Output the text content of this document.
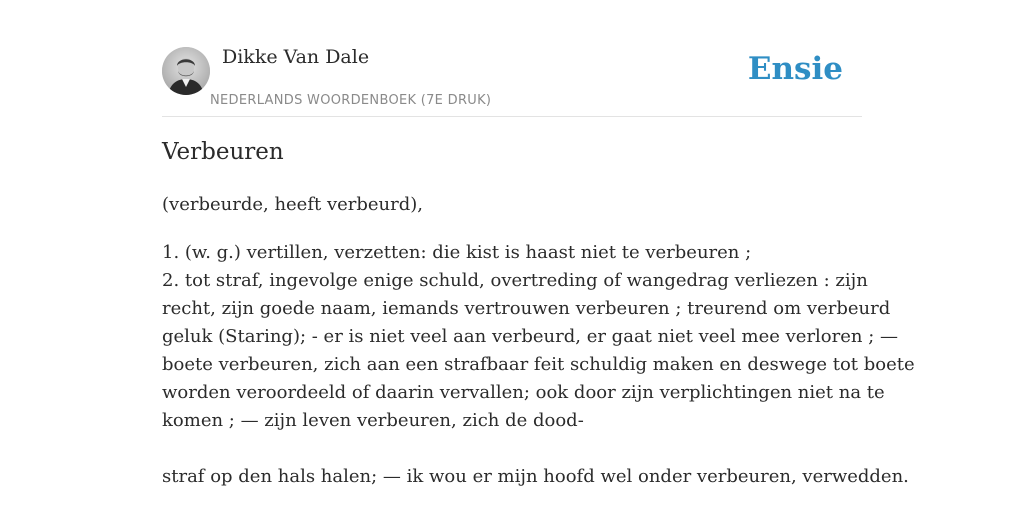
Dikke Van Dale
NEDERLANDS WOORDENBOEK (7E DRUK)
Ensie
Verbeuren
(verbeurde, heeft verbeurd),
1. (w. g.) vertillen, verzetten: die kist is haast niet te verbeuren ;
2. tot straf, ingevolge enige schuld, overtreding of wangedrag verliezen : zijn
recht, zijn goede naam, iemands vertrouwen verbeuren ; treurend om verbeurd
geluk (Staring); - er is niet veel aan verbeurd, er gaat niet veel mee verloren ; —
boete verbeuren, zich aan een strafbaar feit schuldig maken en deswege tot boete
worden veroordeeld of daarin vervallen; ook door zijn verplichtingen niet na te
komen ; — zijn leven verbeuren, zich de dood-
straf op den hals halen; — ik wou er mijn hoofd wel onder verbeuren, verwedden.
